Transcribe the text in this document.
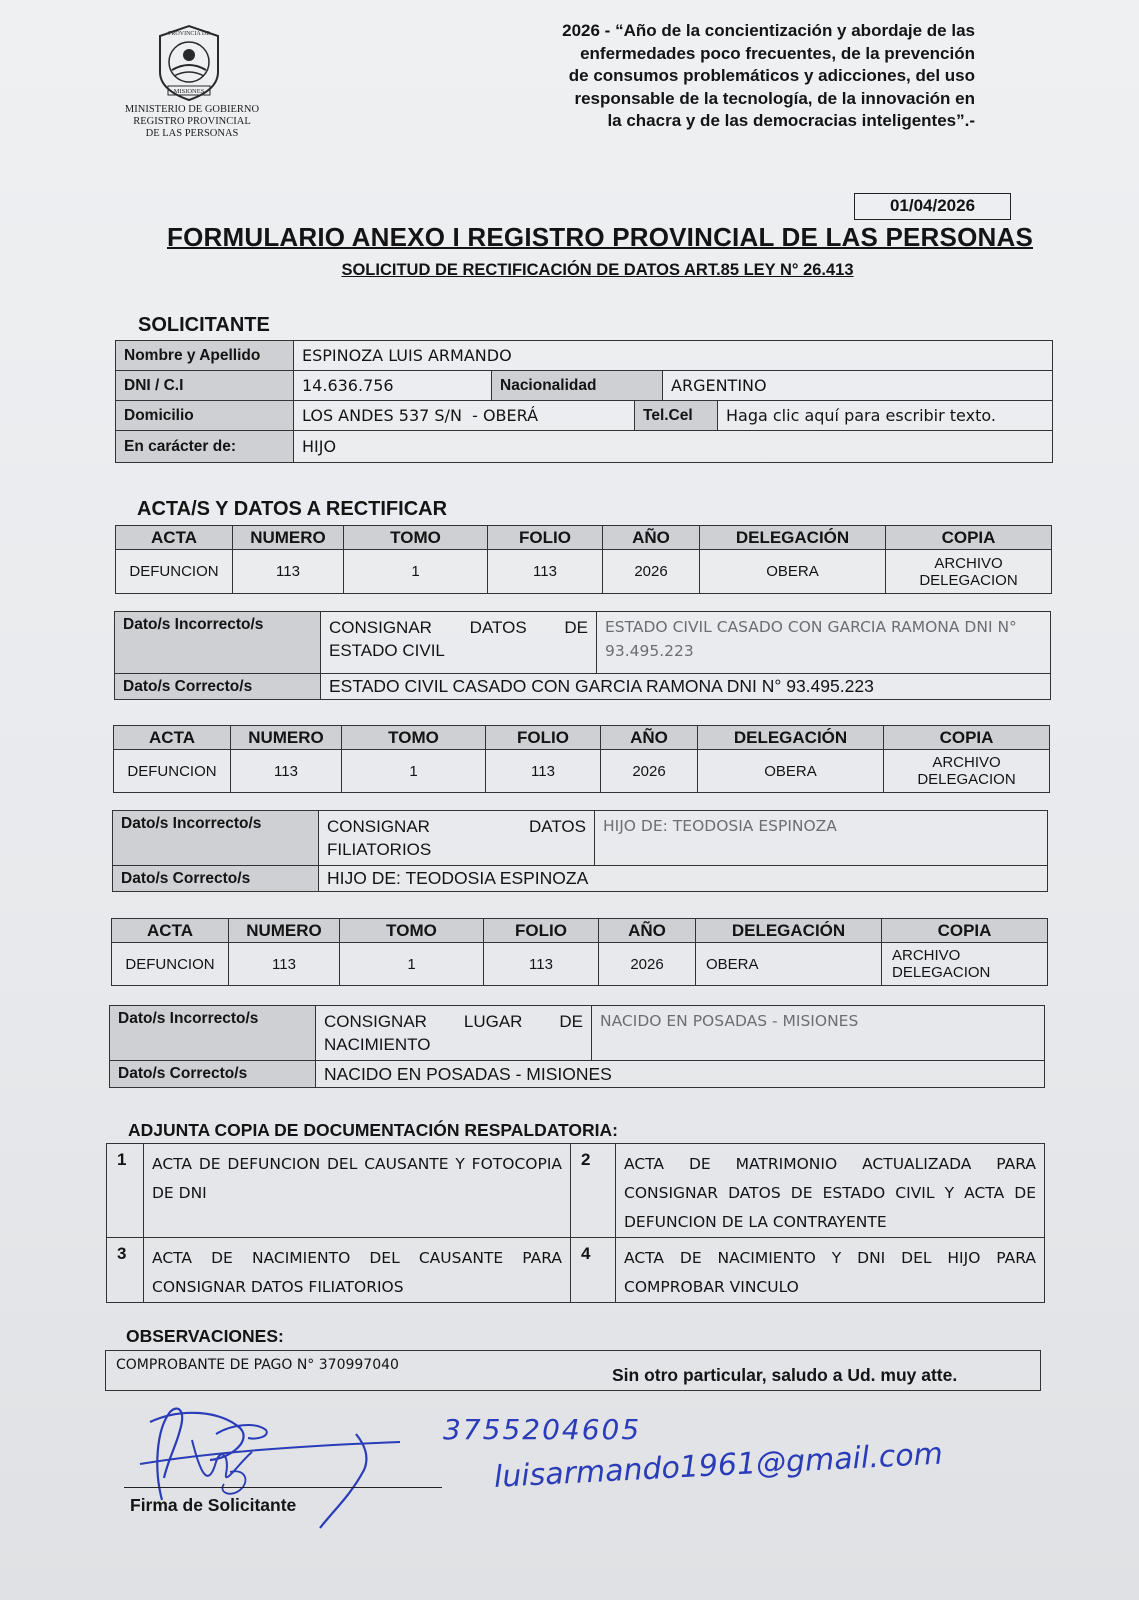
PROVINCIA DE
MISIONES
MINISTERIO DE GOBIERNO
REGISTRO PROVINCIAL
DE LAS PERSONAS
2026 - “Año de la concientización y abordaje de las
enfermedades poco frecuentes, de la prevención
de consumos problemáticos y adicciones, del uso
responsable de la tecnología, de la innovación en
la chacra y de las democracias inteligentes”.-
01/04/2026
FORMULARIO ANEXO I REGISTRO PROVINCIAL DE LAS PERSONAS
SOLICITUD DE RECTIFICACIÓN DE DATOS ART.85 LEY N° 26.413
SOLICITANTE
Nombre y Apellido	ESPINOZA LUIS ARMANDO				
DNI / C.I	14.636.756	Nacionalidad		ARGENTINO	
Domicilio	LOS ANDES 537 S/N  - OBERÁ		Tel.Cel		Haga clic aquí para escribir texto.
En carácter de:	HIJO				
ACTA/S Y DATOS A RECTIFICAR
ACTA	NUMERO	TOMO	FOLIO	AÑO	DELEGACIÓN	COPIA
DEFUNCION	113	1	113	2026	OBERA	ARCHIVO DELEGACION
Dato/s Incorrecto/s	CONSIGNAR DATOS DE ESTADO CIVIL	ESTADO CIVIL CASADO CON GARCIA RAMONA DNI N° 93.495.223
Dato/s Correcto/s	ESTADO CIVIL CASADO CON GARCIA RAMONA DNI N° 93.495.223	
ACTA	NUMERO	TOMO	FOLIO	AÑO	DELEGACIÓN	COPIA
DEFUNCION	113	1	113	2026	OBERA	ARCHIVO DELEGACION
Dato/s Incorrecto/s	CONSIGNAR DATOS FILIATORIOS	HIJO DE: TEODOSIA ESPINOZA
Dato/s Correcto/s	HIJO DE: TEODOSIA ESPINOZA	
ACTA	NUMERO	TOMO	FOLIO	AÑO	DELEGACIÓN	COPIA
DEFUNCION	113	1	113	2026	OBERA	ARCHIVO DELEGACION
Dato/s Incorrecto/s	CONSIGNAR LUGAR DE NACIMIENTO	NACIDO EN POSADAS - MISIONES
Dato/s Correcto/s	NACIDO EN POSADAS - MISIONES	
ADJUNTA COPIA DE DOCUMENTACIÓN RESPALDATORIA:
1	ACTA DE DEFUNCION DEL CAUSANTE Y FOTOCOPIA DE DNI	2	ACTA DE MATRIMONIO ACTUALIZADA PARA CONSIGNAR DATOS DE ESTADO CIVIL Y ACTA DE DEFUNCION DE LA CONTRAYENTE
3	ACTA DE NACIMIENTO DEL CAUSANTE PARA CONSIGNAR DATOS FILIATORIOS	4	ACTA DE NACIMIENTO Y DNI DEL HIJO PARA COMPROBAR VINCULO
OBSERVACIONES:
COMPROBANTE DE PAGO N° 370997040	Sin otro particular, saludo a Ud. muy atte.
Firma de Solicitante
3755204605
luisarmando1961@gmail.com
